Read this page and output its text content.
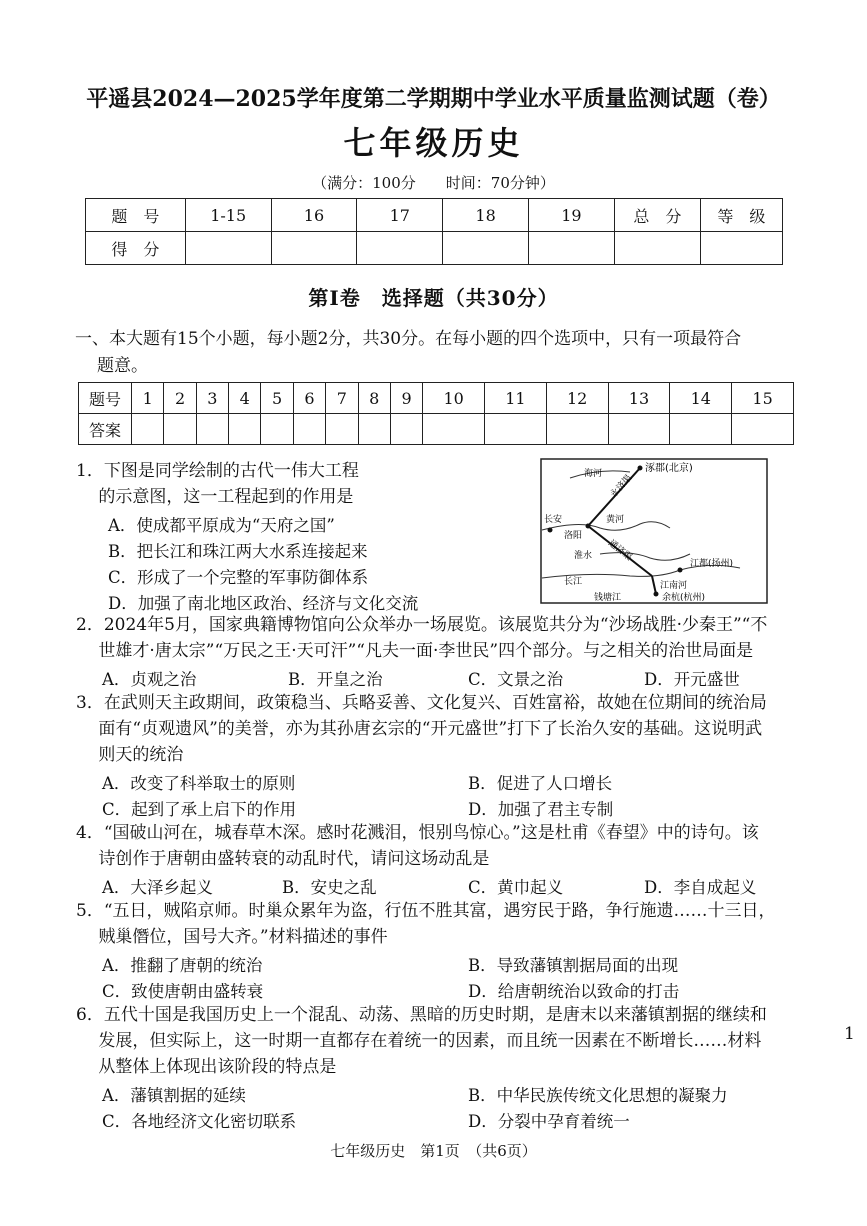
平遥县2024—2025学年度第二学期期中学业水平质量监测试题（卷）
七年级历史
（满分：100分　　时间：70分钟）
题　号	1-15	16	17	18	19	总　分	等　级
得　分							
第Ⅰ卷　选择题（共30分）
一、本大题有15个小题，每小题2分，共30分。在每小题的四个选项中，只有一项最符合
题意。
题号	1	2	3	4	5	6	7	8	9	10	11	12	13	14	15
答案															
1．下图是同学绘制的古代一伟大工程
　 的示意图，这一工程起到的作用是
A．使成都平原成为“天府之国”
B．把长江和珠江两大水系连接起来
C．形成了一个完整的军事防御体系
D．加强了南北地区政治、经济与文化交流
涿郡(北京)
海河
长安
洛阳
黄河
永济渠
通济渠
淮水
江都(扬州)
长江	江南河
钱塘江	余杭(杭州)
2．2024年5月，国家典籍博物馆向公众举办一场展览。该展览共分为“沙场战胜·少秦王”“不
　 世雄才·唐太宗”“万民之王·天可汗”“凡夫一面·李世民”四个部分。与之相关的治世局面是
A．贞观之治	B．开皇之治	C．文景之治	D．开元盛世
3．在武则天主政期间，政策稳当、兵略妥善、文化复兴、百姓富裕，故她在位期间的统治局
　 面有“贞观遗风”的美誉，亦为其孙唐玄宗的“开元盛世”打下了长治久安的基础。这说明武
　 则天的统治
A．改变了科举取士的原则	B．促进了人口增长
C．起到了承上启下的作用	D．加强了君主专制
4．“国破山河在，城春草木深。感时花溅泪，恨别鸟惊心。”这是杜甫《春望》中的诗句。该
　 诗创作于唐朝由盛转衰的动乱时代，请问这场动乱是
A．大泽乡起义	B．安史之乱	C．黄巾起义	D．李自成起义
5．“五日，贼陷京师。时巢众累年为盗，行伍不胜其富，遇穷民于路，争行施遗……十三日，
　 贼巢僭位，国号大齐。”材料描述的事件
A．推翻了唐朝的统治	B．导致藩镇割据局面的出现
C．致使唐朝由盛转衰	D．给唐朝统治以致命的打击
6．五代十国是我国历史上一个混乱、动荡、黑暗的历史时期，是唐末以来藩镇割据的继续和
　 发展，但实际上，这一时期一直都存在着统一的因素，而且统一因素在不断增长……材料
　 从整体上体现出该阶段的特点是
A．藩镇割据的延续	B．中华民族传统文化思想的凝聚力
C．各地经济文化密切联系	D．分裂中孕育着统一
1
七年级历史　第1页　（共6页）
